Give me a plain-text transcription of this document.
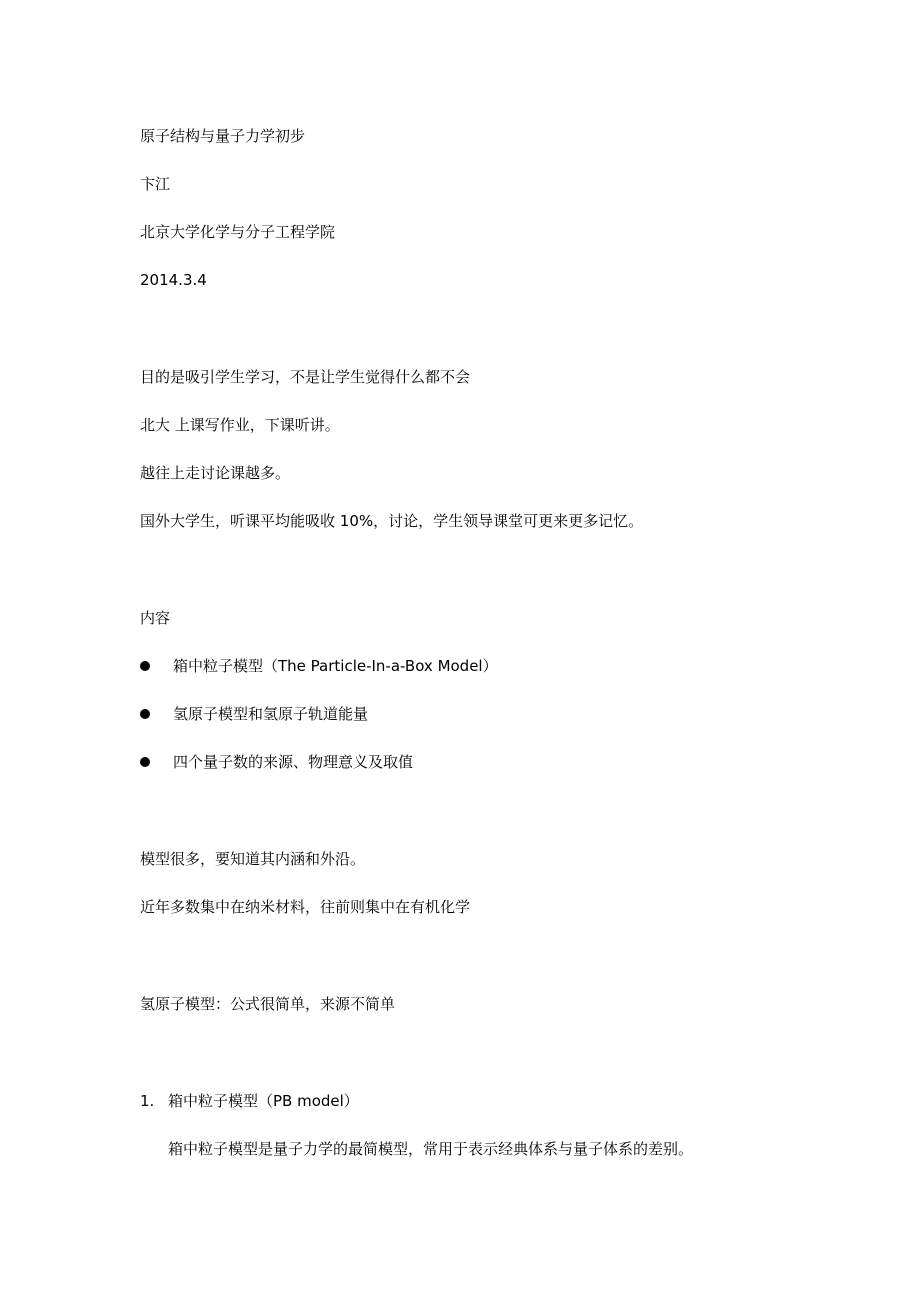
原子结构与量子力学初步
卞江
北京大学化学与分子工程学院
2014.3.4
目的是吸引学生学习，不是让学生觉得什么都不会
北大 上课写作业，下课听讲。
越往上走讨论课越多。
国外大学生，听课平均能吸收 10%，讨论，学生领导课堂可更来更多记忆。
内容
箱中粒子模型（The Particle-In-a-Box Model）
氢原子模型和氢原子轨道能量
四个量子数的来源、物理意义及取值
模型很多，要知道其内涵和外沿。
近年多数集中在纳米材料，往前则集中在有机化学
氢原子模型：公式很简单，来源不简单
1. 箱中粒子模型（PB model）
箱中粒子模型是量子力学的最简模型，常用于表示经典体系与量子体系的差别。
